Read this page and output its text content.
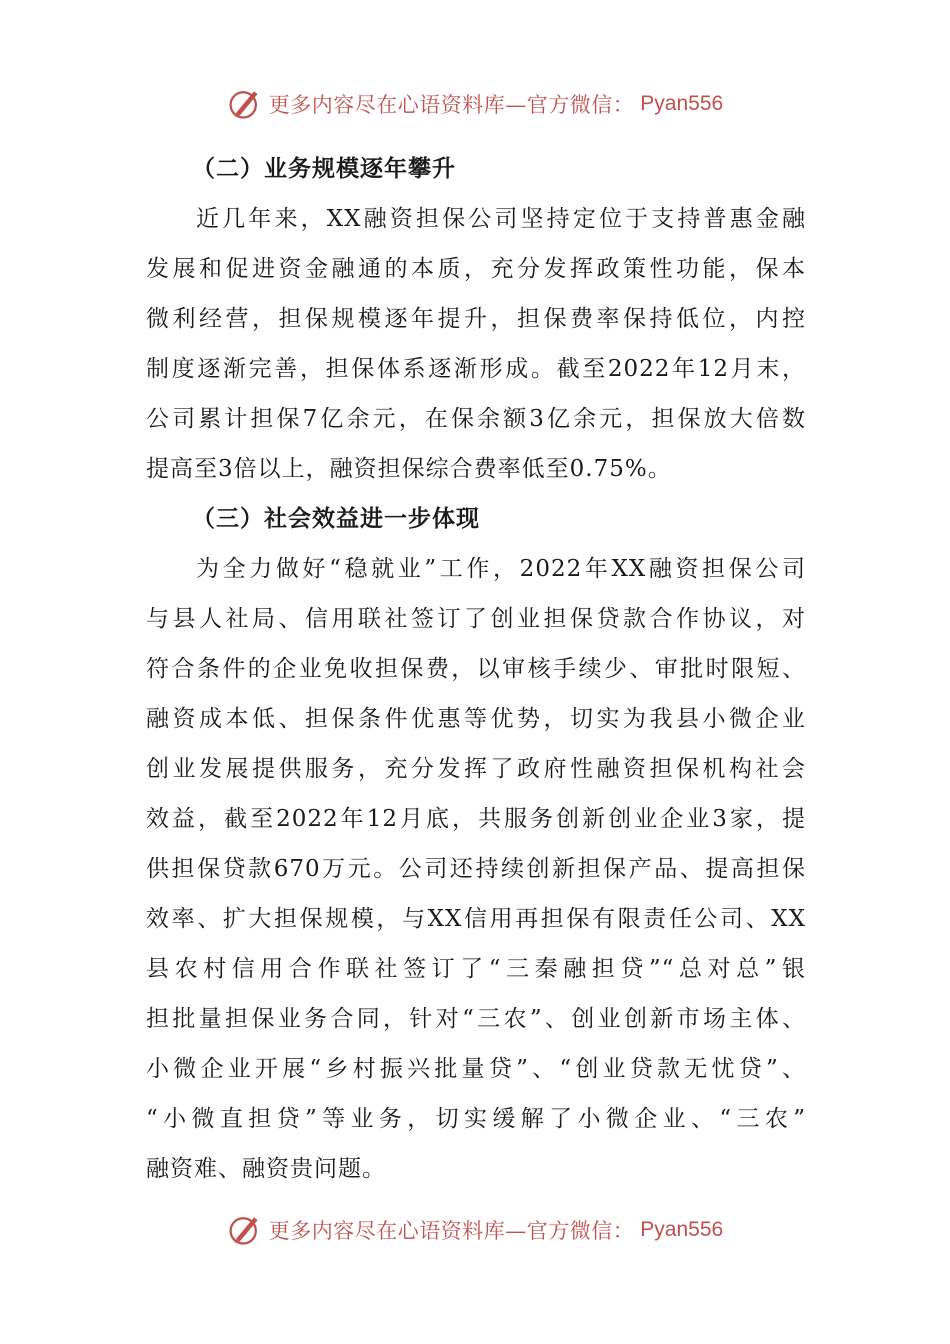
更多内容尽在心语资料库—官方微信： Pyan556
（二）业务规模逐年攀升
近几年来，XX融资担保公司坚持定位于支持普惠金融
发展和促进资金融通的本质，充分发挥政策性功能，保本
微利经营，担保规模逐年提升，担保费率保持低位，内控
制度逐渐完善，担保体系逐渐形成。截至2022年12月末，
公司累计担保7亿余元，在保余额3亿余元，担保放大倍数
提高至3倍以上，融资担保综合费率低至0.75%。
（三）社会效益进一步体现
为全力做好“稳就业”工作，2022年XX融资担保公司
与县人社局、信用联社签订了创业担保贷款合作协议，对
符合条件的企业免收担保费，以审核手续少、审批时限短、
融资成本低、担保条件优惠等优势，切实为我县小微企业
创业发展提供服务，充分发挥了政府性融资担保机构社会
效益，截至2022年12月底，共服务创新创业企业3家，提
供担保贷款670万元。公司还持续创新担保产品、提高担保
效率、扩大担保规模，与XX信用再担保有限责任公司、XX
县农村信用合作联社签订了“三秦融担贷”“总对总”银
担批量担保业务合同，针对“三农”、创业创新市场主体、
小微企业开展“乡村振兴批量贷”、“创业贷款无忧贷”、
“小微直担贷”等业务，切实缓解了小微企业、“三农”
融资难、融资贵问题。
更多内容尽在心语资料库—官方微信： Pyan556
